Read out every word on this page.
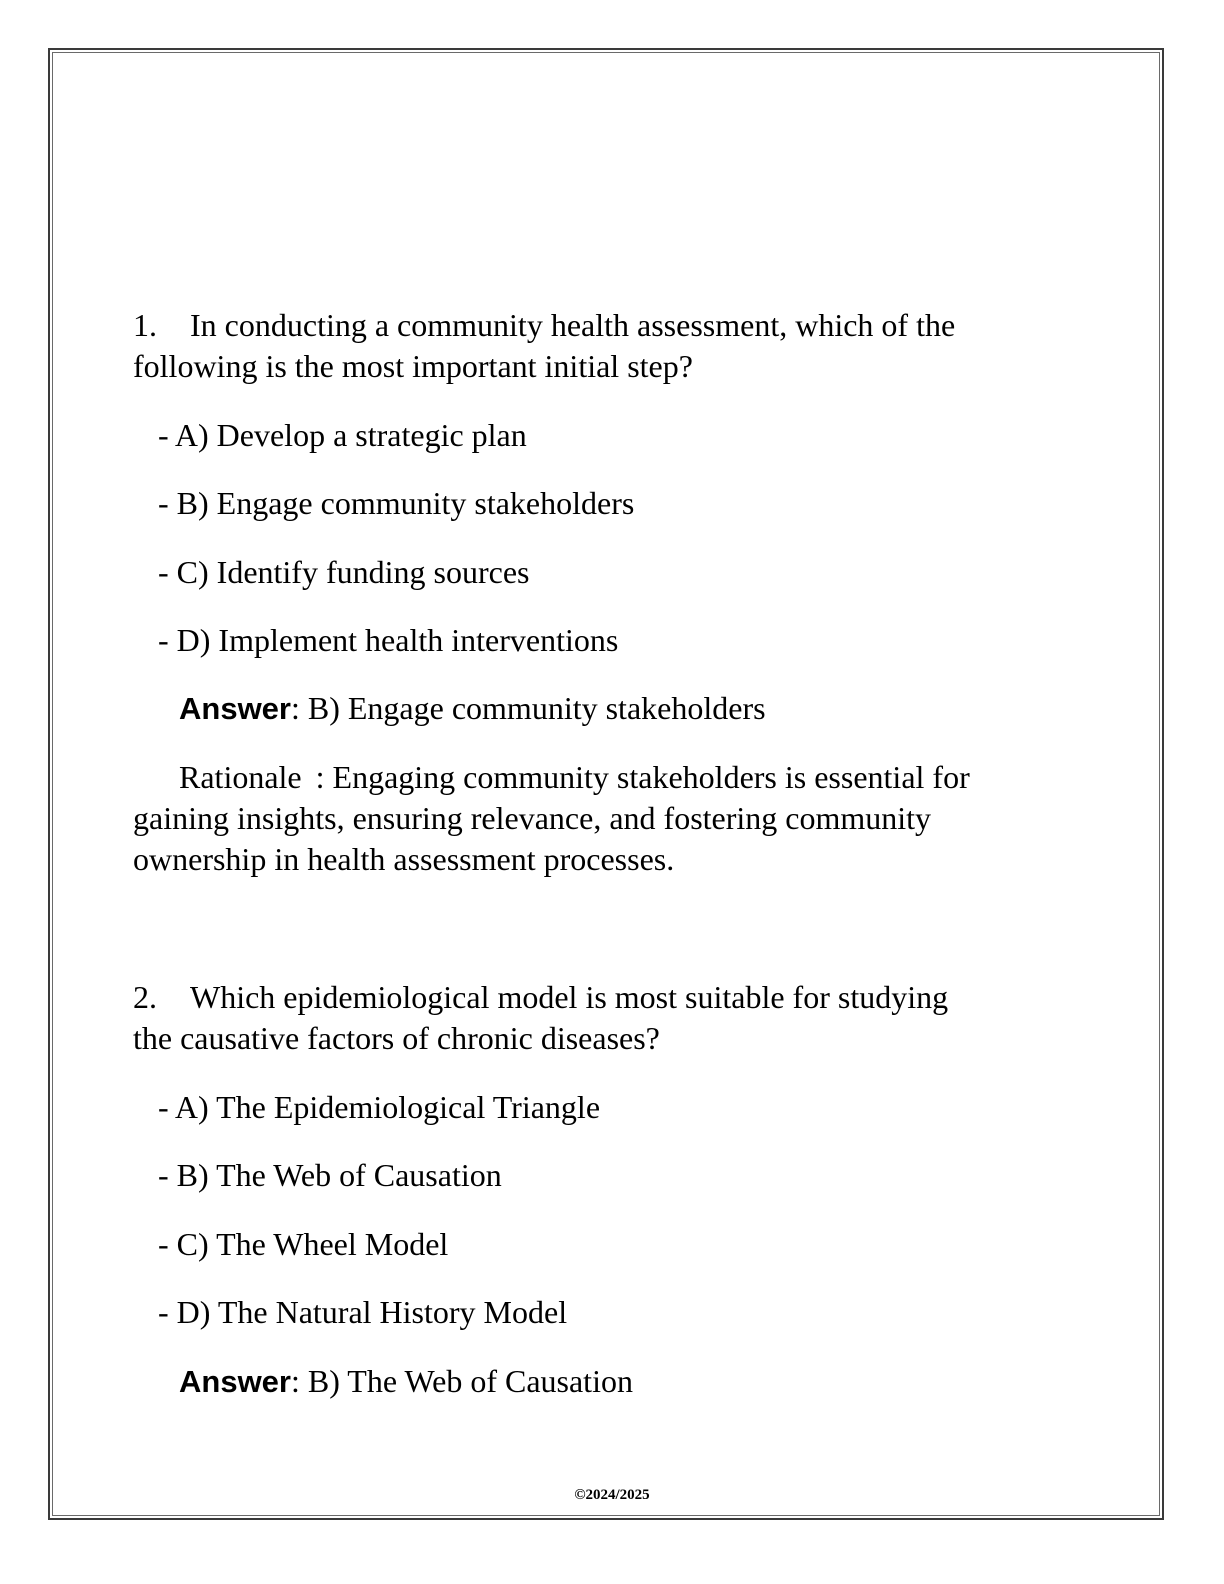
1. In conducting a community health assessment, which of the
following is the most important initial step?
- A) Develop a strategic plan
- B) Engage community stakeholders
- C) Identify funding sources
- D) Implement health interventions
Answer: B) Engage community stakeholders
Rationale : Engaging community stakeholders is essential for
gaining insights, ensuring relevance, and fostering community
ownership in health assessment processes.
2. Which epidemiological model is most suitable for studying
the causative factors of chronic diseases?
- A) The Epidemiological Triangle
- B) The Web of Causation
- C) The Wheel Model
- D) The Natural History Model
Answer: B) The Web of Causation
©2024/2025
